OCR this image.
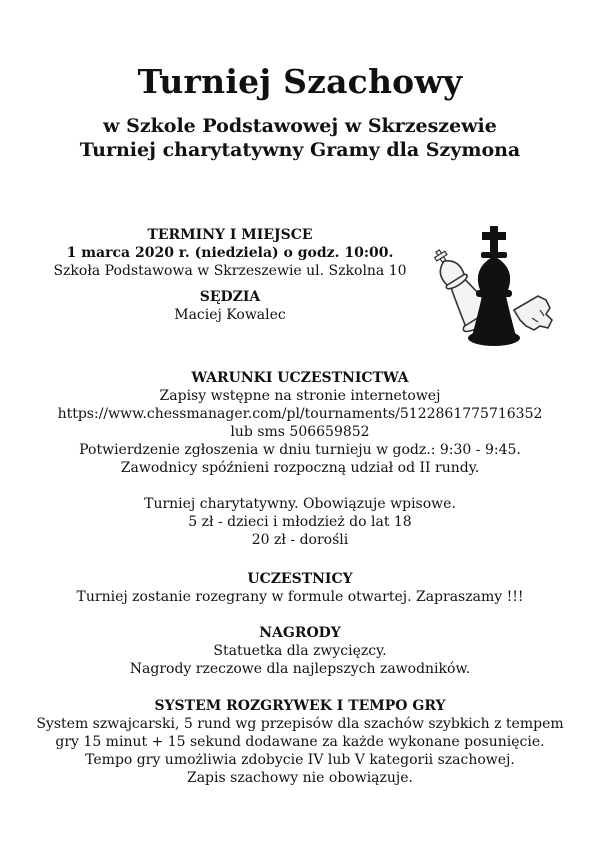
Turniej Szachowy
w Szkole Podstawowej w Skrzeszewie
Turniej charytatywny Gramy dla Szymona

TERMINY I MIEJSCE

1 marca 2020 r. (niedziela) o godz. 10:00.

Szkoła Podstawowa w Skrzeszewie ul. Szkolna 10

SĘDZIA

Maciej Kowalec

WARUNKI UCZESTNICTWA

Zapisy wstępne na stronie internetowej

https://www.chessmanager.com/pl/tournaments/5122861775716352

lub sms 506659852

Potwierdzenie zgłoszenia w dniu turnieju w godz.: 9:30 - 9:45.

Zawodnicy spóźnieni rozpoczną udział od II rundy.

Turniej charytatywny. Obowiązuje wpisowe.

5 zł - dzieci i młodzież do lat 18

20 zł - dorośli

UCZESTNICY

Turniej zostanie rozegrany w formule otwartej. Zapraszamy !!!

NAGRODY

Statuetka dla zwycięzcy.

Nagrody rzeczowe dla najlepszych zawodników.

SYSTEM ROZGRYWEK I TEMPO GRY

System szwajcarski, 5 rund wg przepisów dla szachów szybkich z tempem

gry 15 minut + 15 sekund dodawane za każde wykonane posunięcie.

Tempo gry umożliwia zdobycie IV lub V kategorii szachowej.

Zapis szachowy nie obowiązuje.
